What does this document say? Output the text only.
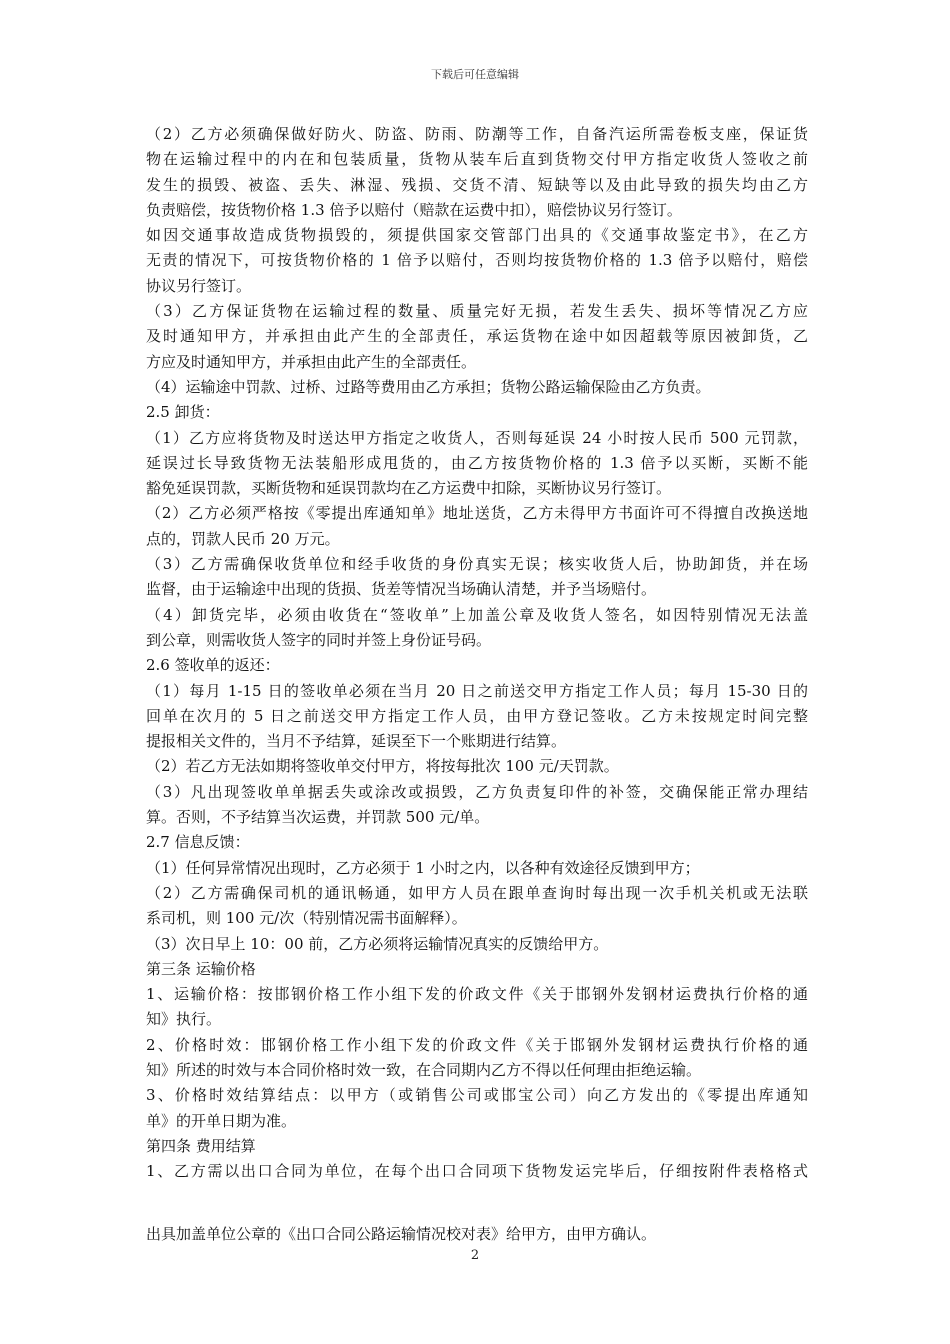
下载后可任意编辑
（2）乙方必须确保做好防火、防盗、防雨、防潮等工作，自备汽运所需卷板支座，保证货
物在运输过程中的内在和包装质量，货物从装车后直到货物交付甲方指定收货人签收之前
发生的损毁、被盗、丢失、淋湿、残损、交货不清、短缺等以及由此导致的损失均由乙方
负责赔偿，按货物价格 1.3 倍予以赔付（赔款在运费中扣），赔偿协议另行签订。
如因交通事故造成货物损毁的，须提供国家交管部门出具的《交通事故鉴定书》，在乙方
无责的情况下，可按货物价格的 1 倍予以赔付，否则均按货物价格的 1.3 倍予以赔付，赔偿
协议另行签订。
（3）乙方保证货物在运输过程的数量、质量完好无损，若发生丢失、损坏等情况乙方应
及时通知甲方，并承担由此产生的全部责任，承运货物在途中如因超载等原因被卸货，乙
方应及时通知甲方，并承担由此产生的全部责任。
（4）运输途中罚款、过桥、过路等费用由乙方承担；货物公路运输保险由乙方负责。
2.5 卸货：
（1）乙方应将货物及时送达甲方指定之收货人，否则每延误 24 小时按人民币 500 元罚款，
延误过长导致货物无法装船形成甩货的，由乙方按货物价格的 1.3 倍予以买断，买断不能
豁免延误罚款，买断货物和延误罚款均在乙方运费中扣除，买断协议另行签订。
（2）乙方必须严格按《零提出库通知单》地址送货，乙方未得甲方书面许可不得擅自改换送地
点的，罚款人民币 20 万元。
（3）乙方需确保收货单位和经手收货的身份真实无误；核实收货人后，协助卸货，并在场
监督，由于运输途中出现的货损、货差等情况当场确认清楚，并予当场赔付。
（4）卸货完毕，必须由收货在“签收单”上加盖公章及收货人签名，如因特别情况无法盖
到公章，则需收货人签字的同时并签上身份证号码。
2.6 签收单的返还：
（1）每月 1-15 日的签收单必须在当月 20 日之前送交甲方指定工作人员；每月 15-30 日的
回单在次月的 5 日之前送交甲方指定工作人员，由甲方登记签收。乙方未按规定时间完整
提报相关文件的，当月不予结算，延误至下一个账期进行结算。
（2）若乙方无法如期将签收单交付甲方，将按每批次 100 元/天罚款。
（3）凡出现签收单单据丢失或涂改或损毁，乙方负责复印件的补签，交确保能正常办理结
算。否则，不予结算当次运费，并罚款 500 元/单。
2.7 信息反馈：
（1）任何异常情况出现时，乙方必须于 1 小时之内，以各种有效途径反馈到甲方；
（2）乙方需确保司机的通讯畅通，如甲方人员在跟单查询时每出现一次手机关机或无法联
系司机，则 100 元/次（特别情况需书面解释）。
（3）次日早上 10：00 前，乙方必须将运输情况真实的反馈给甲方。
第三条 运输价格
1、运输价格：按邯钢价格工作小组下发的价政文件《关于邯钢外发钢材运费执行价格的通
知》执行。
2、价格时效：邯钢价格工作小组下发的价政文件《关于邯钢外发钢材运费执行价格的通
知》所述的时效与本合同价格时效一致，在合同期内乙方不得以任何理由拒绝运输。
3、价格时效结算结点：以甲方（或销售公司或邯宝公司）向乙方发出的《零提出库通知
单》的开单日期为准。
第四条 费用结算
1、乙方需以出口合同为单位，在每个出口合同项下货物发运完毕后，仔细按附件表格格式
出具加盖单位公章的《出口合同公路运输情况校对表》给甲方，由甲方确认。
2
